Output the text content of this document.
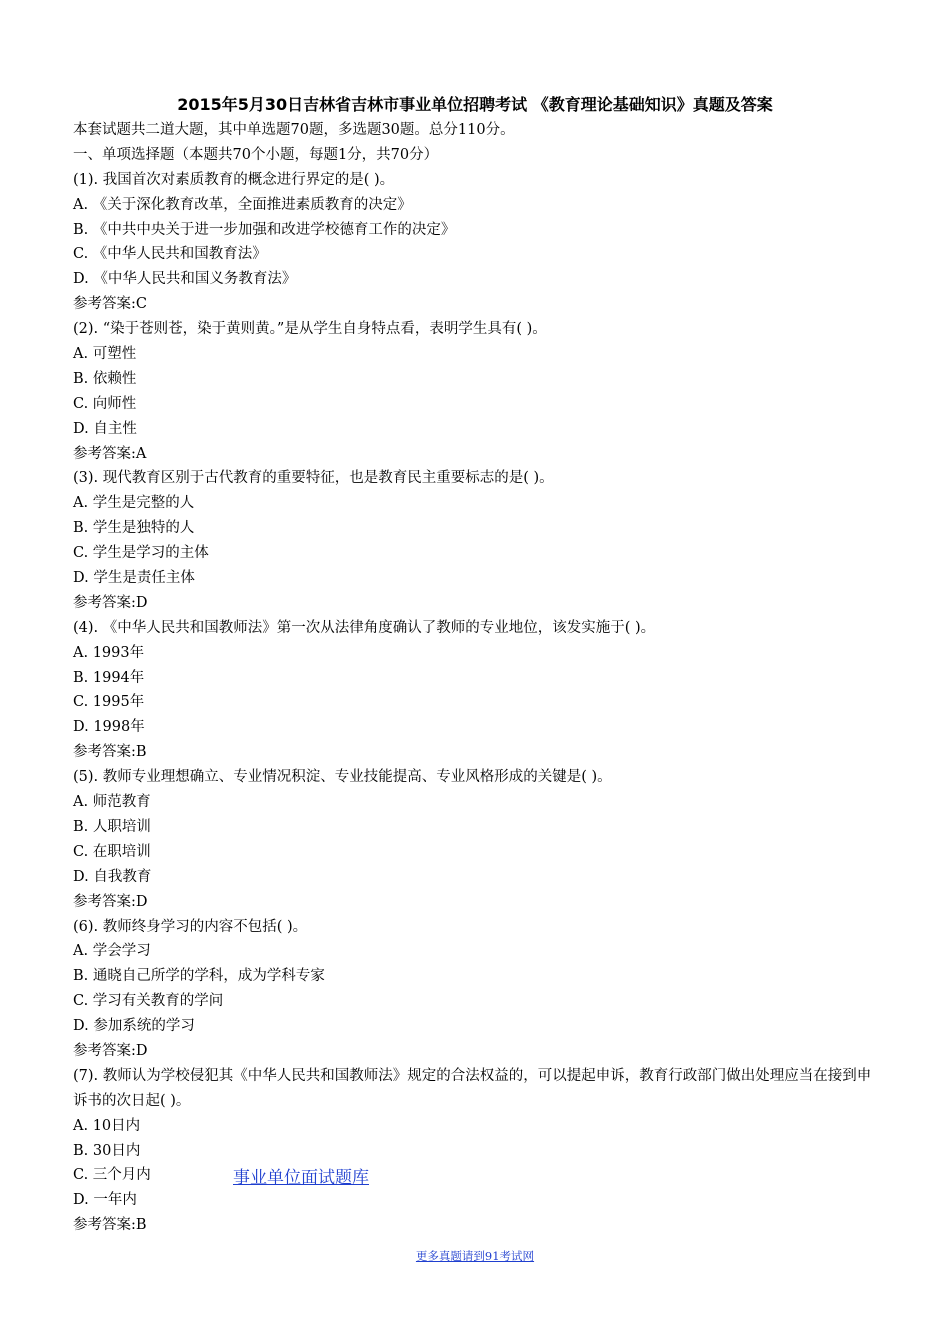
2015年5月30日吉林省吉林市事业单位招聘考试 《教育理论基础知识》真题及答案
本套试题共二道大题，其中单选题70题，多选题30题。总分110分。
一、单项选择题（本题共70个小题，每题1分，共70分）
(1). 我国首次对素质教育的概念进行界定的是( )。
A. 《关于深化教育改革，全面推进素质教育的决定》
B. 《中共中央关于进一步加强和改进学校德育工作的决定》
C. 《中华人民共和国教育法》
D. 《中华人民共和国义务教育法》
参考答案:C
(2). “染于苍则苍，染于黄则黄。”是从学生自身特点看，表明学生具有( )。
A. 可塑性
B. 依赖性
C. 向师性
D. 自主性
参考答案:A
(3). 现代教育区别于古代教育的重要特征，也是教育民主重要标志的是( )。
A. 学生是完整的人
B. 学生是独特的人
C. 学生是学习的主体
D. 学生是责任主体
参考答案:D
(4). 《中华人民共和国教师法》第一次从法律角度确认了教师的专业地位，该发实施于( )。
A. 1993年
B. 1994年
C. 1995年
D. 1998年
参考答案:B
(5). 教师专业理想确立、专业情况积淀、专业技能提高、专业风格形成的关键是( )。
A. 师范教育
B. 人职培训
C. 在职培训
D. 自我教育
参考答案:D
(6). 教师终身学习的内容不包括( )。
A. 学会学习
B. 通晓自己所学的学科，成为学科专家
C. 学习有关教育的学问
D. 参加系统的学习
参考答案:D
(7). 教师认为学校侵犯其《中华人民共和国教师法》规定的合法权益的，可以提起申诉，教育行政部门做出处理应当在接到申诉书的次日起( )。
A. 10日内
B. 30日内
C. 三个月内
D. 一年内
参考答案:B
事业单位面试题库
更多真题请到91考试网
